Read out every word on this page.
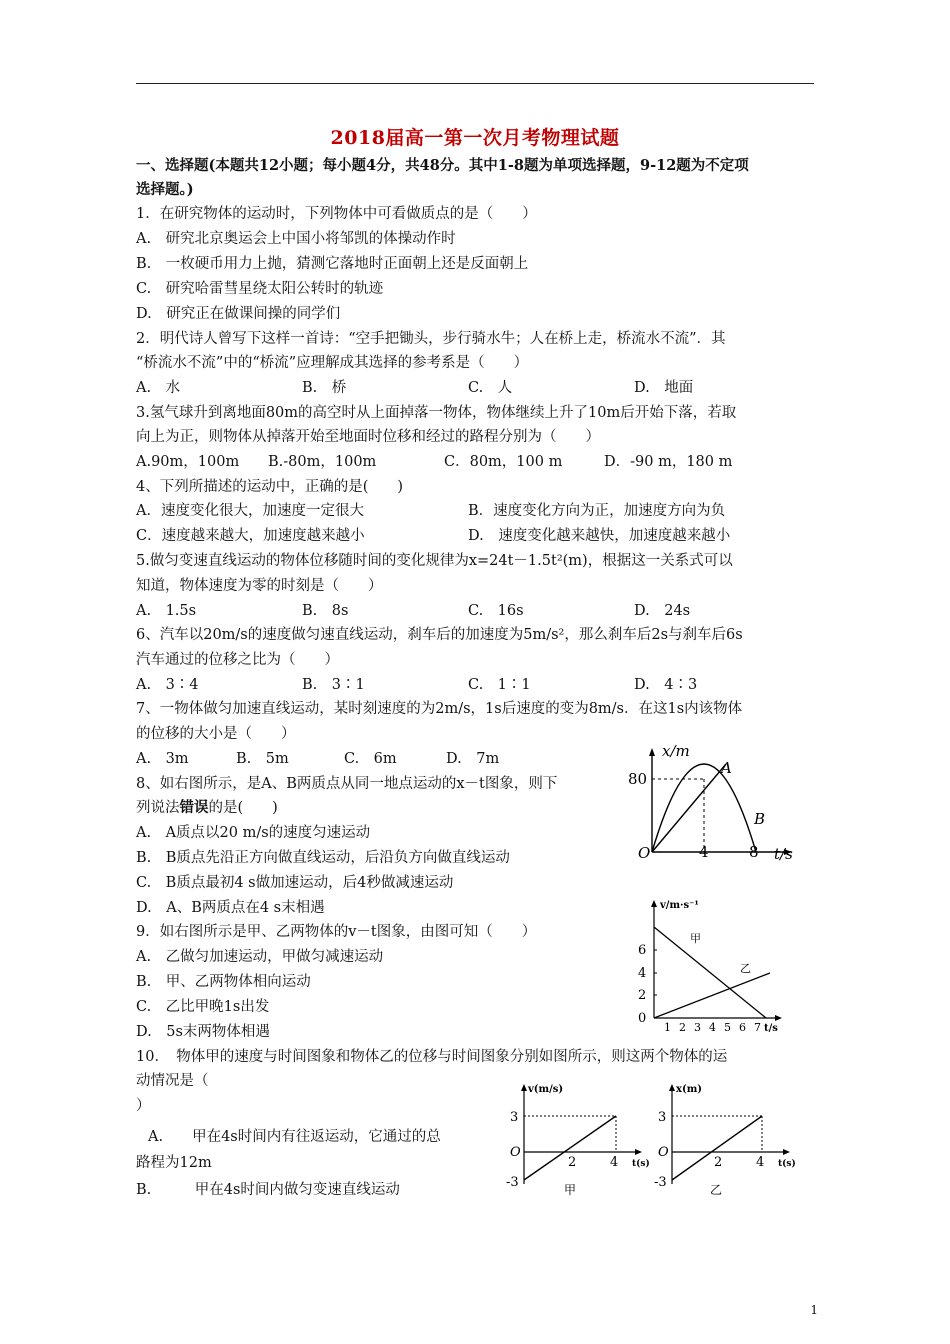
2018届高一第一次月考物理试题
一、选择题(本题共12小题；每小题4分，共48分。其中1-8题为单项选择题，9-12题为不定项
选择题。)
1．在研究物体的运动时，下列物体中可看做质点的是（　　）
A.　研究北京奥运会上中国小将邹凯的体操动作时
B.　一枚硬币用力上抛，猜测它落地时正面朝上还是反面朝上
C.　研究哈雷彗星绕太阳公转时的轨迹
D.　研究正在做课间操的同学们
2．明代诗人曾写下这样一首诗：“空手把锄头，步行骑水牛；人在桥上走，桥流水不流”．其
“桥流水不流”中的“桥流”应理解成其选择的参考系是（　　）
A.　水	B.　桥	C.　人	D.　地面
3.氢气球升到离地面80m的高空时从上面掉落一物体，物体继续上升了10m后开始下落，若取
向上为正，则物体从掉落开始至地面时位移和经过的路程分别为（　　）
A.90m，100m B.-80m，100m	C．80m，100 m	D．-90 m，180 m
4、下列所描述的运动中，正确的是(　　)
A．速度变化很大，加速度一定很大	B．速度变化方向为正，加速度方向为负
C．速度越来越大，加速度越来越小	D.　速度变化越来越快，加速度越来越小
5.做匀变速直线运动的物体位移随时间的变化规律为x=24t－1.5t²(m)，根据这一关系式可以
知道，物体速度为零的时刻是（　　）
A.　1.5s	B.　8s	C.　16s	D.　24s
6、汽车以20m/s的速度做匀速直线运动，刹车后的加速度为5m/s²，那么刹车后2s与刹车后6s
汽车通过的位移之比为（　　）
A.　3∶4	B.　3∶1	C.　1∶1	D.　4∶3
7、一物体做匀加速直线运动，某时刻速度的为2m/s，1s后速度的变为8m/s．在这1s内该物体
的位移的大小是（　　）
A.　3m	B.　5m	C.　6m	D.　7m
8、如右图所示，是A、B两质点从同一地点运动的x－t图象，则下
列说法错误的是(　　)
A.　A质点以20 m/s的速度匀速运动
B.　B质点先沿正方向做直线运动，后沿负方向做直线运动
C.　B质点最初4 s做加速运动，后4秒做减速运动
D.　A、B两质点在4 s末相遇
9．如右图所示是甲、乙两物体的v－t图象，由图可知（　　）
A.　乙做匀加速运动，甲做匀减速运动
B.　甲、乙两物体相向运动
C.　乙比甲晚1s出发
D.　5s末两物体相遇
10．　物体甲的速度与时间图象和物体乙的位移与时间图象分别如图所示，则这两个物体的运
动情况是（
）
A.　　甲在4s时间内有往返运动，它通过的总
路程为12m
B.　　　甲在4s时间内做匀变速直线运动
x/m
80
O	4	8 t/s
A
B
v/m·s⁻¹
甲
乙
6
4
2
0
1 2 3 4 5 6 7 t/s
v(m/s)
3
O
-3
2	4 t(s)
甲
x(m)
3
O
-3
2	4 t(s)
乙
1
